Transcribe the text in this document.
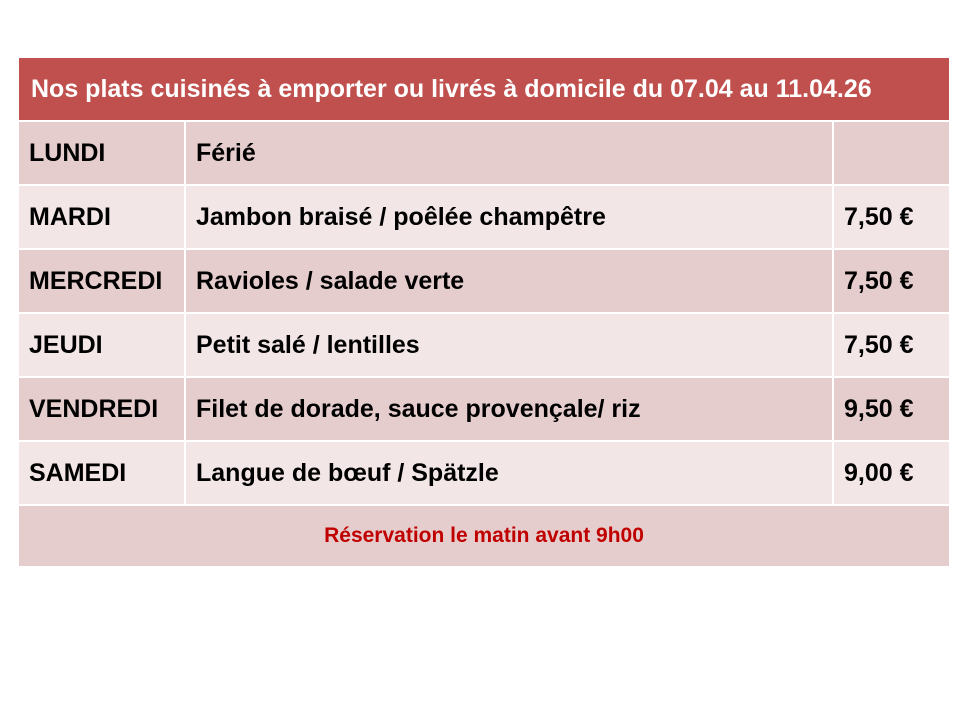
Nos plats cuisinés à emporter ou livrés à domicile du 07.04 au 11.04.26		
LUNDI	Férié	
MARDI	Jambon braisé / poêlée champêtre	7,50 €
MERCREDI	Ravioles / salade verte	7,50 €
JEUDI	Petit salé / lentilles	7,50 €
VENDREDI	Filet de dorade, sauce provençale/ riz	9,50 €
SAMEDI	Langue de bœuf / Spätzle	9,00 €
Réservation le matin avant 9h00		
